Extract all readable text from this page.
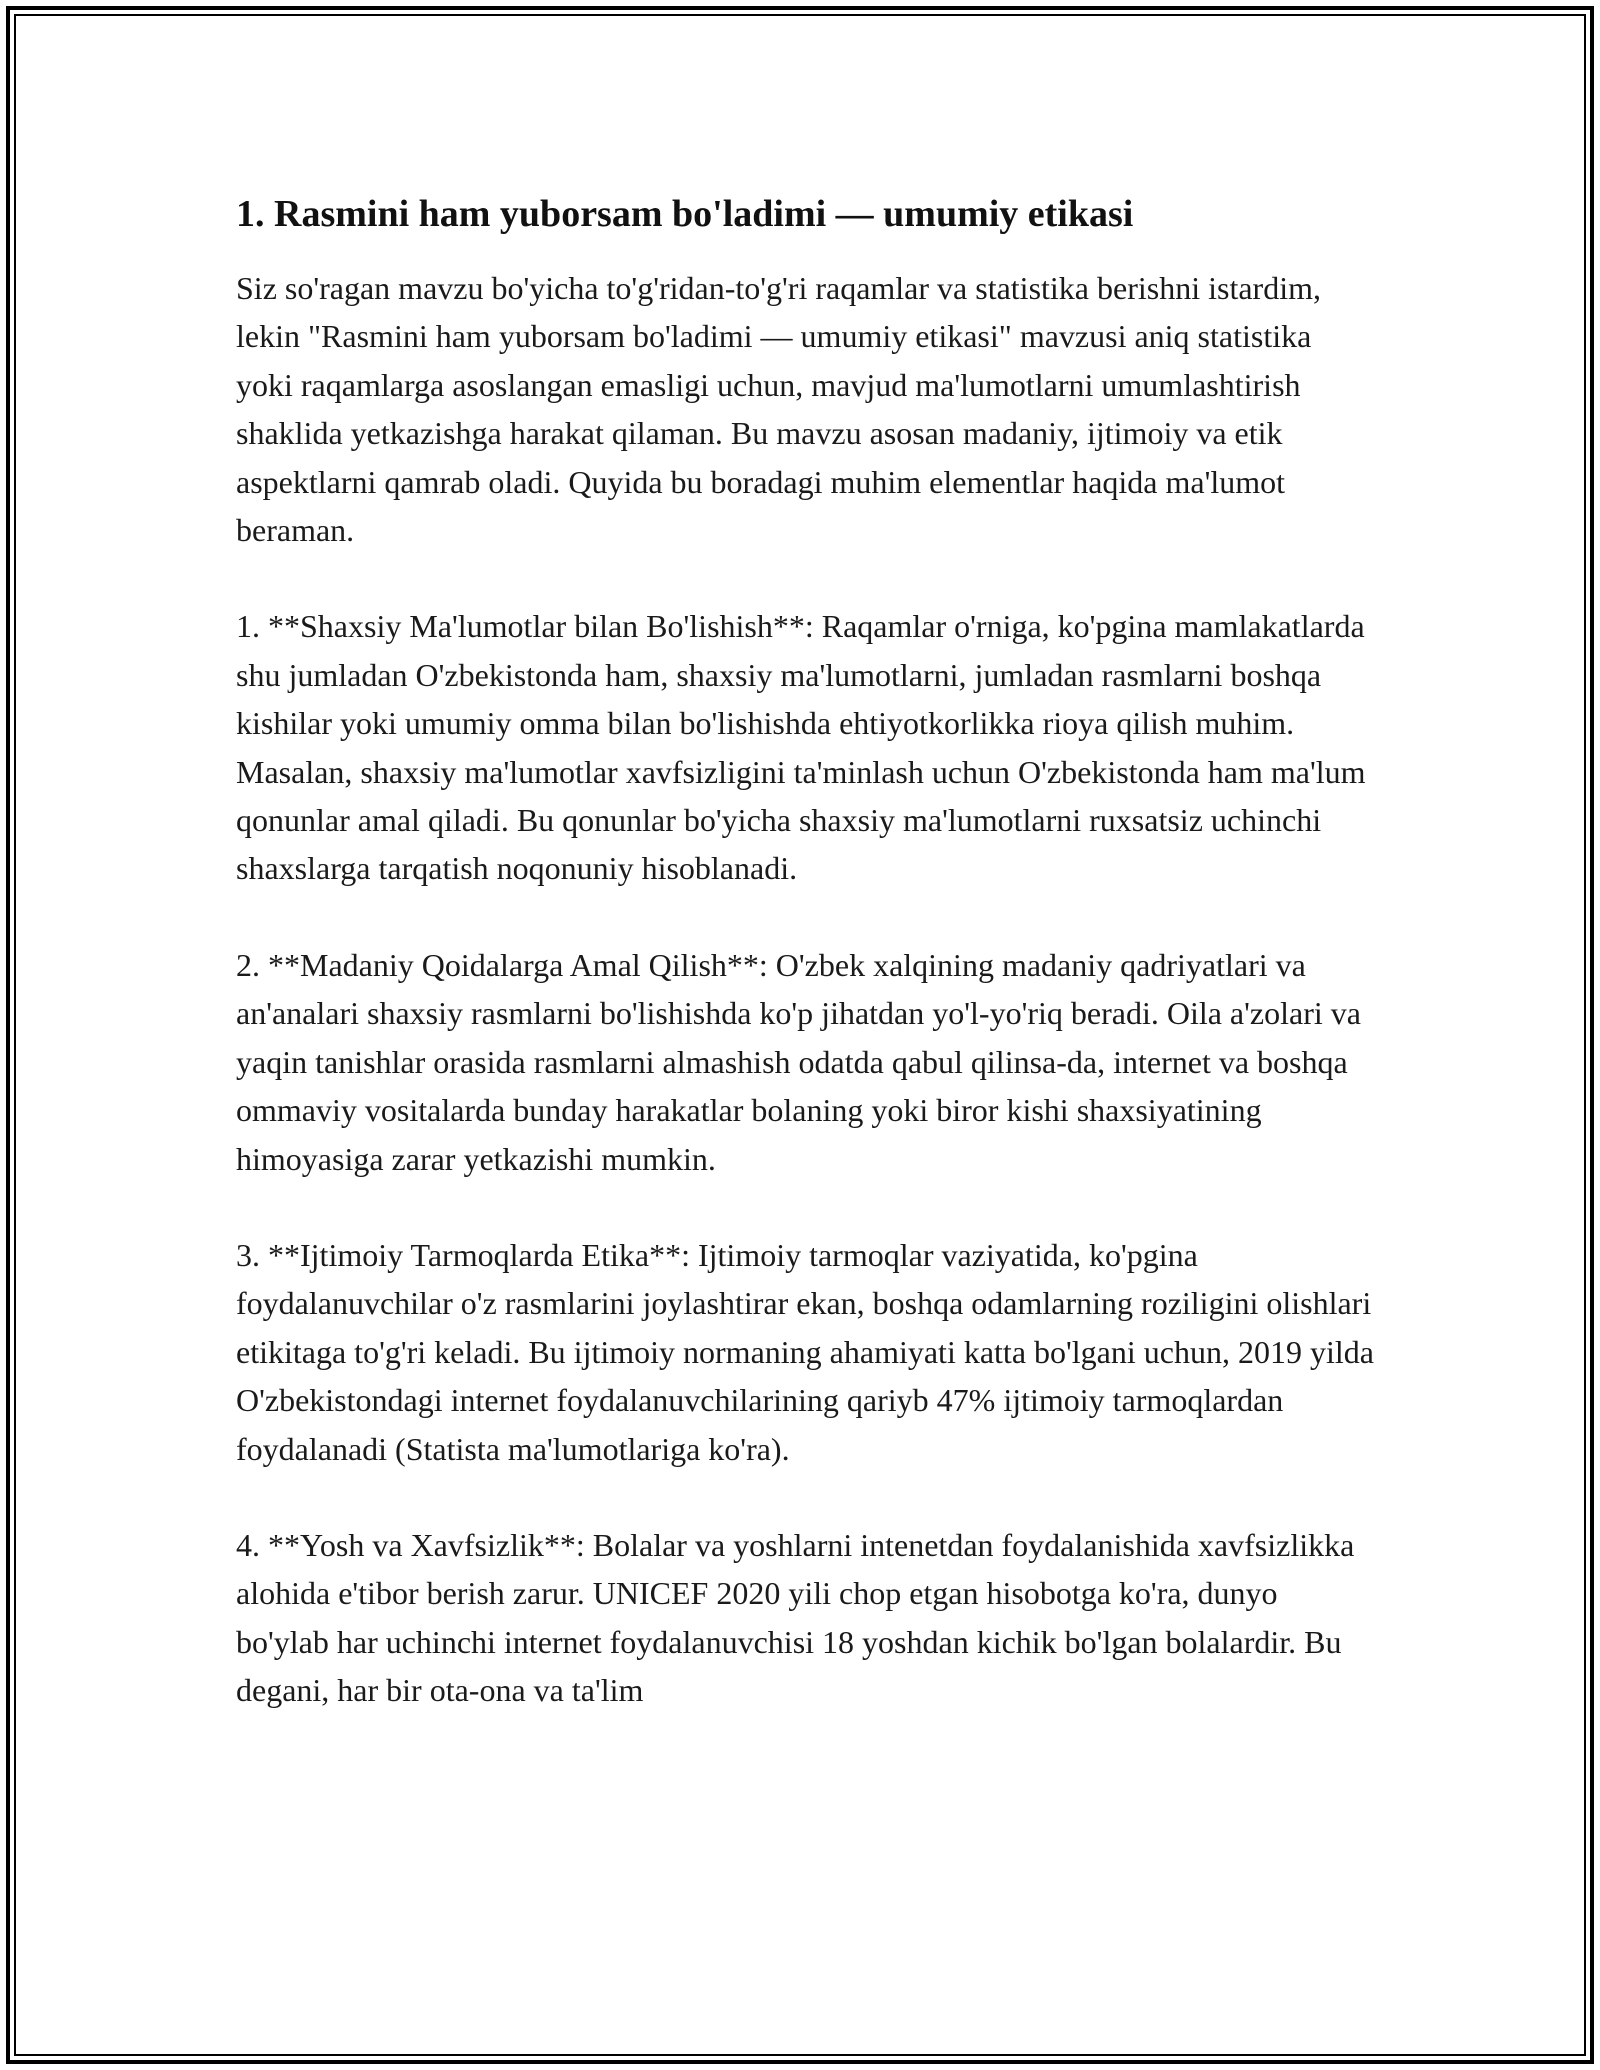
1. Rasmini ham yuborsam bo'ladimi — umumiy etikasi

Siz so'ragan mavzu bo'yicha to'g'ridan-to'g'ri raqamlar va statistika berishni istardim, lekin "Rasmini ham yuborsam bo'ladimi — umumiy etikasi" mavzusi aniq statistika yoki raqamlarga asoslangan emasligi uchun, mavjud ma'lumotlarni umumlashtirish shaklida yetkazishga harakat qilaman. Bu mavzu asosan madaniy, ijtimoiy va etik aspektlarni qamrab oladi. Quyida bu boradagi muhim elementlar haqida ma'lumot beraman.

1. **Shaxsiy Ma'lumotlar bilan Bo'lishish**: Raqamlar o'rniga, ko'pgina mamlakatlarda shu jumladan O'zbekistonda ham, shaxsiy ma'lumotlarni, jumladan rasmlarni boshqa kishilar yoki umumiy omma bilan bo'lishishda ehtiyotkorlikka rioya qilish muhim. Masalan, shaxsiy ma'lumotlar xavfsizligini ta'minlash uchun O'zbekistonda ham ma'lum qonunlar amal qiladi. Bu qonunlar bo'yicha shaxsiy ma'lumotlarni ruxsatsiz uchinchi shaxslarga tarqatish noqonuniy hisoblanadi.

2. **Madaniy Qoidalarga Amal Qilish**: O'zbek xalqining madaniy qadriyatlari va an'analari shaxsiy rasmlarni bo'lishishda ko'p jihatdan yo'l-yo'riq beradi. Oila a'zolari va yaqin tanishlar orasida rasmlarni almashish odatda qabul qilinsa-da, internet va boshqa ommaviy vositalarda bunday harakatlar bolaning yoki biror kishi shaxsiyatining himoyasiga zarar yetkazishi mumkin.

3. **Ijtimoiy Tarmoqlarda Etika**: Ijtimoiy tarmoqlar vaziyatida, ko'pgina foydalanuvchilar o'z rasmlarini joylashtirar ekan, boshqa odamlarning roziligini olishlari etikitaga to'g'ri keladi. Bu ijtimoiy normaning ahamiyati katta bo'lgani uchun, 2019 yilda O'zbekistondagi internet foydalanuvchilarining qariyb 47% ijtimoiy tarmoqlardan foydalanadi (Statista ma'lumotlariga ko'ra).

4. **Yosh va Xavfsizlik**: Bolalar va yoshlarni intenetdan foydalanishida xavfsizlikka alohida e'tibor berish zarur. UNICEF 2020 yili chop etgan hisobotga ko'ra, dunyo bo'ylab har uchinchi internet foydalanuvchisi 18 yoshdan kichik bo'lgan bolalardir. Bu degani, har bir ota-ona va ta'lim
